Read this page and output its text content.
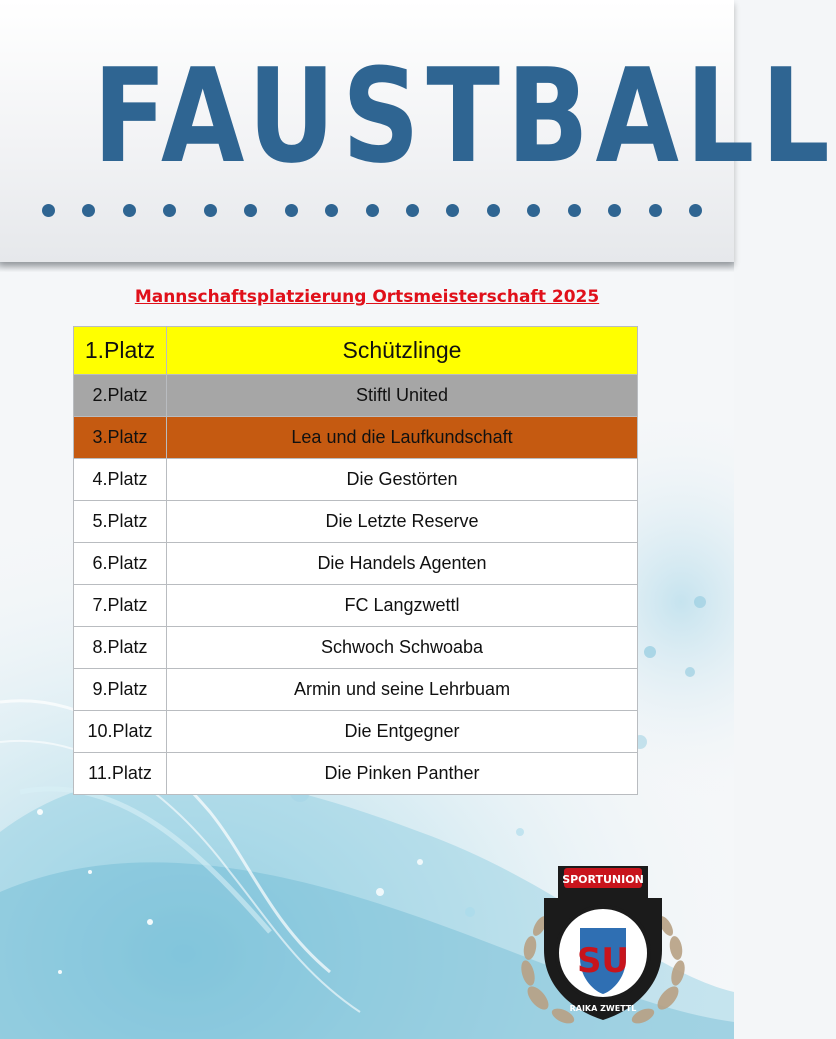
FAUSTBALL
Mannschaftsplatzierung Ortsmeisterschaft 2025
1.Platz	Schützlinge
2.Platz	Stiftl United
3.Platz	Lea und die Laufkundschaft
4.Platz	Die Gestörten
5.Platz	Die Letzte Reserve
6.Platz	Die Handels Agenten
7.Platz	FC Langzwettl
8.Platz	Schwoch Schwoaba
9.Platz	Armin und seine Lehrbuam
10.Platz	Die Entgegner
11.Platz	Die Pinken Panther
SPORTUNION
SU
RAIKA ZWETTL
